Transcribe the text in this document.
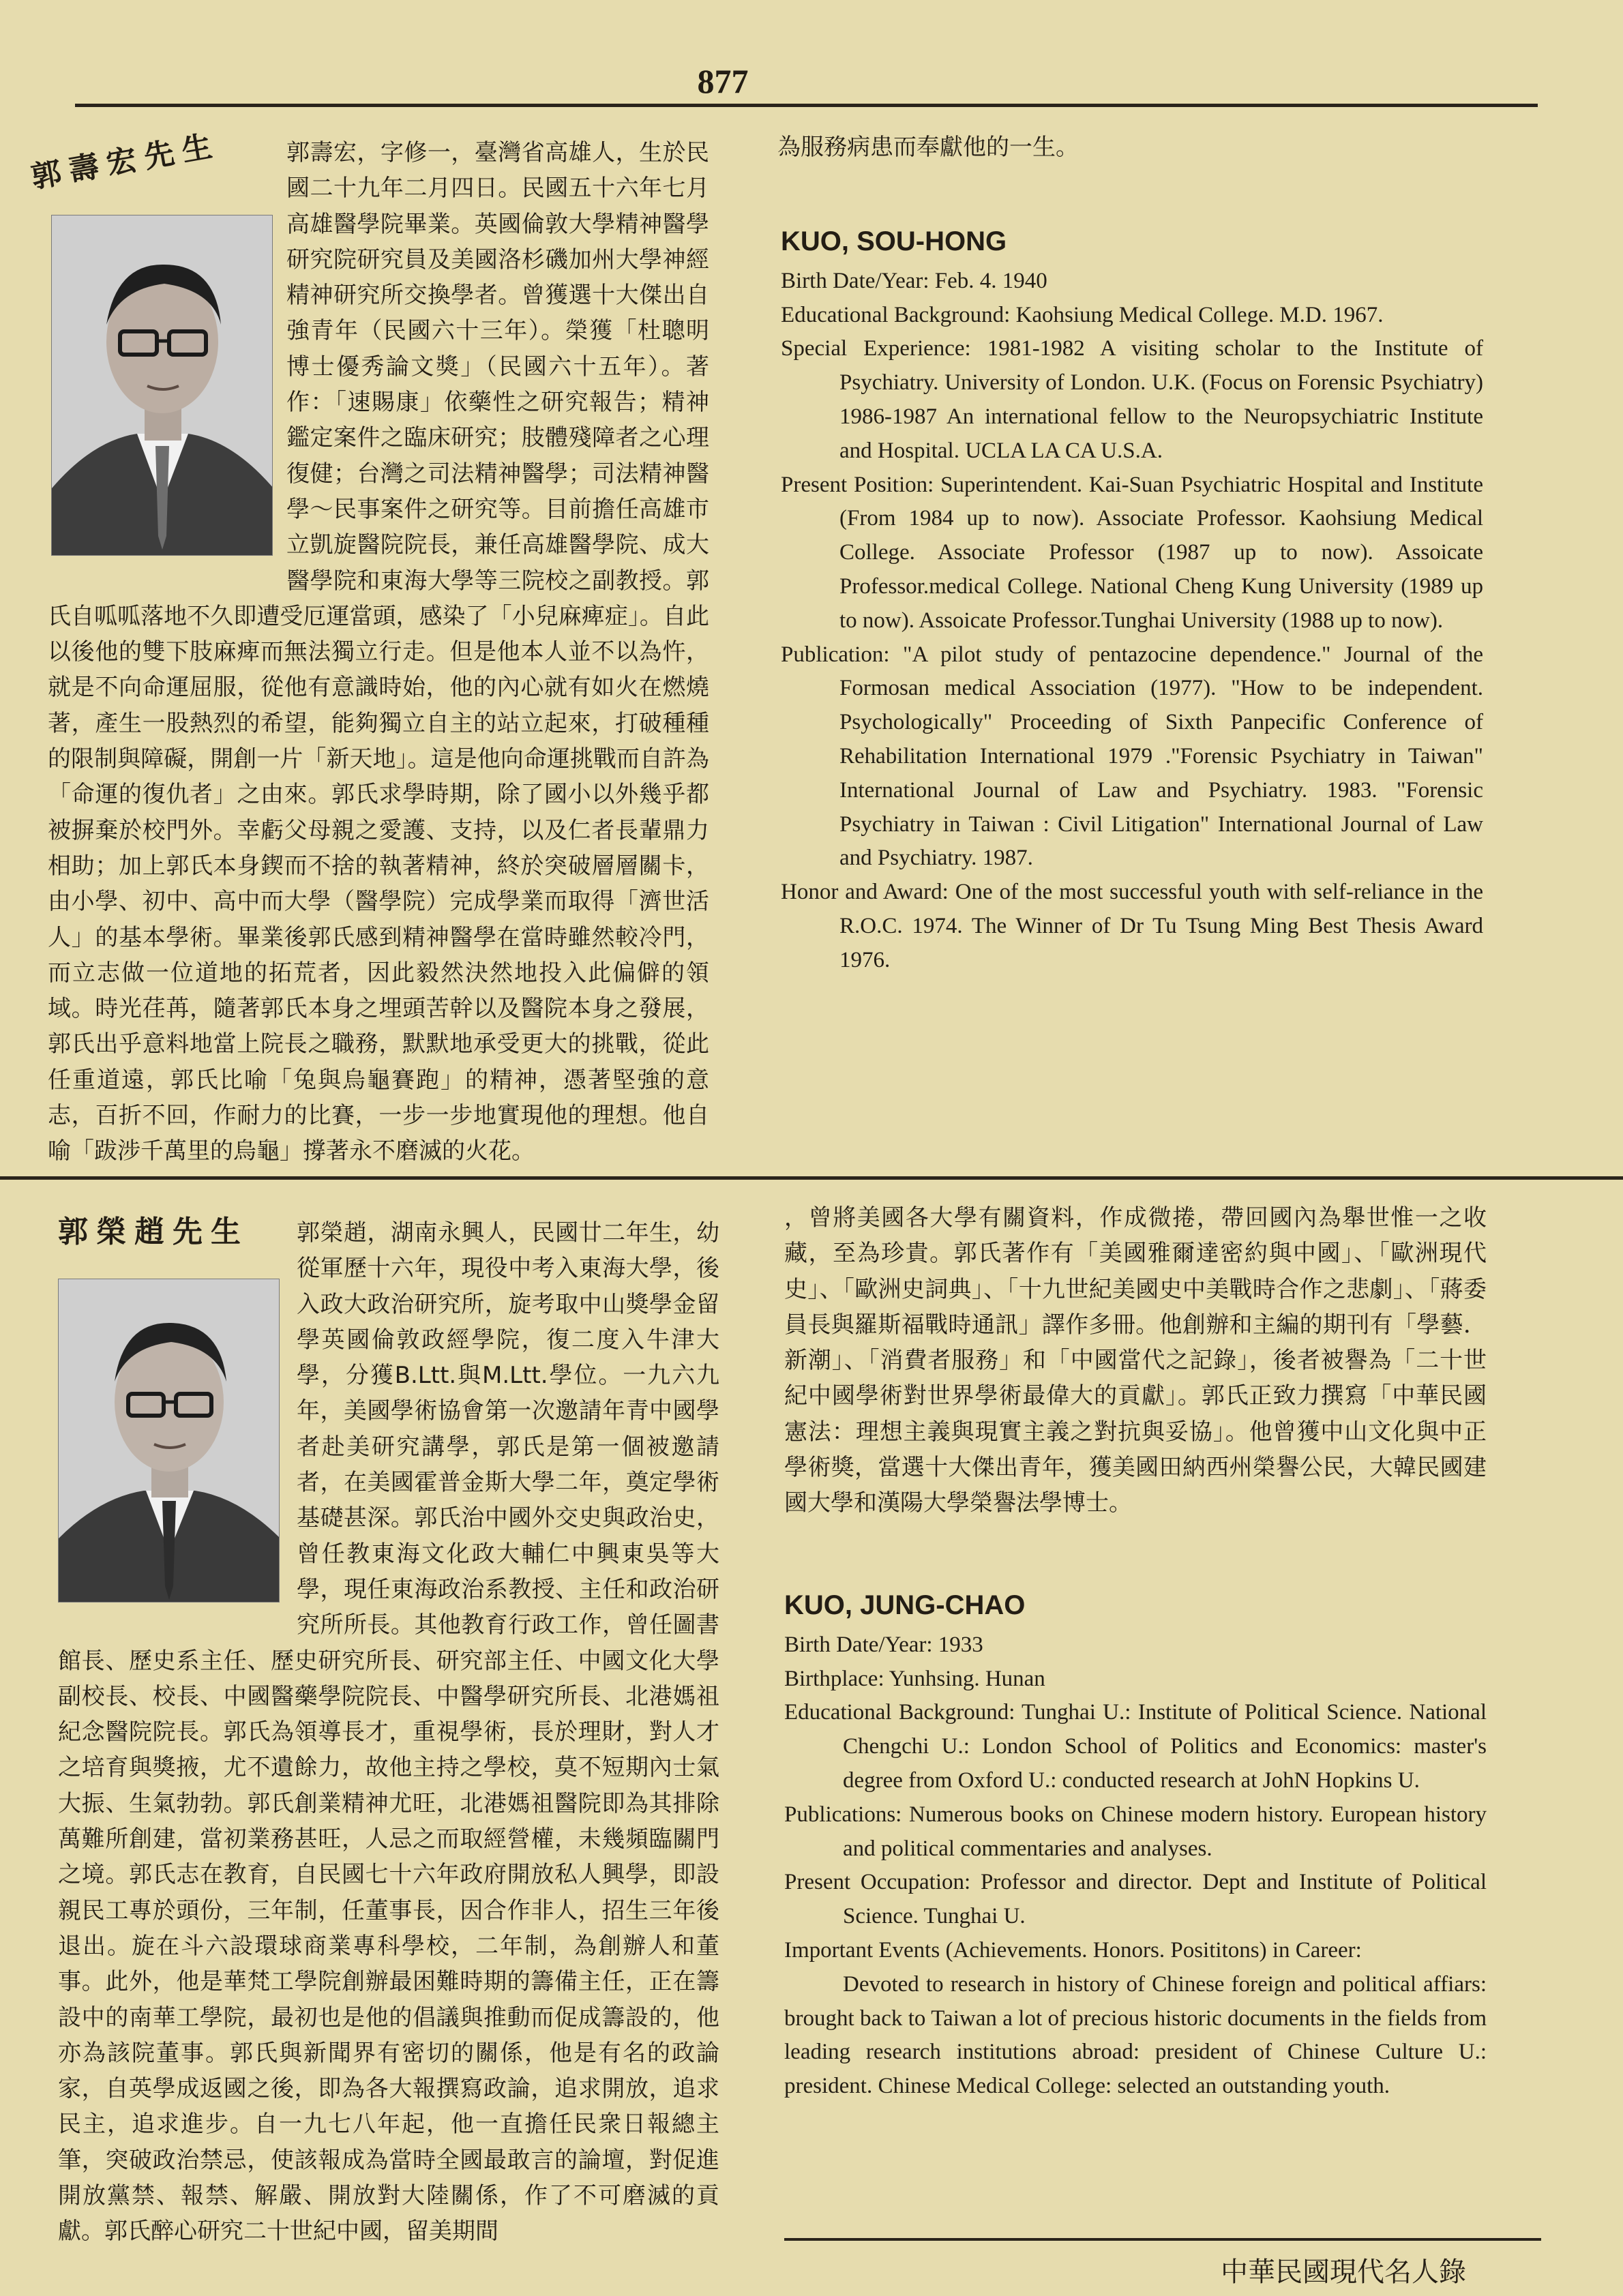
877
中華民國現代名人錄
郭壽宏先生	郭壽宏，字修一，臺灣省高雄人，生於民國二十九年二月四日。民國五十六年七月高雄醫學院畢業。英國倫敦大學精神醫學研究院研究員及美國洛杉磯加州大學神經精神研究所交換學者。曾獲選十大傑出自強青年（民國六十三年）。榮獲「杜聰明博士優秀論文獎」（民國六十五年）。著作：「速賜康」依藥性之研究報告；精神鑑定案件之臨床研究；肢體殘障者之心理復健；台灣之司法精神醫學；司法精神醫學～民事案件之研究等。目前擔任高雄市立凱旋醫院院長，兼任高雄醫學院、成大醫學院和東海大學等三院校之副教授。郭氏自呱呱落地不久即遭受厄運當頭，感染了「小兒麻痺症」。自此以後他的雙下肢麻痺而無法獨立行走。但是他本人並不以為忤，就是不向命運屈服，從他有意識時始，他的內心就有如火在燃燒著，產生一股熱烈的希望，能夠獨立自主的站立起來，打破種種的限制與障礙，開創一片「新天地」。這是他向命運挑戰而自許為「命運的復仇者」之由來。郭氏求學時期，除了國小以外幾乎都被摒棄於校門外。幸虧父母親之愛護、支持，以及仁者長輩鼎力相助；加上郭氏本身鍥而不捨的執著精神，終於突破層層關卡，由小學、初中、高中而大學（醫學院）完成學業而取得「濟世活人」的基本學術。畢業後郭氏感到精神醫學在當時雖然較冷門，而立志做一位道地的拓荒者，因此毅然決然地投入此偏僻的領域。時光荏苒，隨著郭氏本身之埋頭苦幹以及醫院本身之發展，郭氏出乎意料地當上院長之職務，默默地承受更大的挑戰，從此任重道遠，郭氏比喻「兔與烏龜賽跑」的精神，憑著堅強的意志，百折不回，作耐力的比賽，一步一步地實現他的理想。他自喻「跋涉千萬里的烏龜」撐著永不磨滅的火花。
為服務病患而奉獻他的一生。

KUO, SOU-HONG

Birth Date/Year: Feb. 4. 1940

Educational Background: Kaohsiung Medical College. M.D. 1967.

Special Experience: 1981-1982 A visiting scholar to the Institute of Psychiatry. University of London. U.K. (Focus on Forensic Psychiatry) 1986-1987 An international fellow to the Neuropsychiatric Institute and Hospital. UCLA LA CA U.S.A.

Present Position: Superintendent. Kai-Suan Psychiatric Hospital and Institute (From 1984 up to now). Associate Professor. Kaohsiung Medical College. Associate Professor (1987 up to now). Assoicate Professor.medical College. National Cheng Kung University (1989 up to now). Assoicate Professor.Tunghai University (1988 up to now).

Publication: "A pilot study of pentazocine dependence." Journal of the Formosan medical Association (1977). "How to be independent. Psychologically" Proceeding of Sixth Panpecific Conference of Rehabilitation International 1979 ."Forensic Psychiatry in Taiwan" International Journal of Law and Psychiatry. 1983. "Forensic Psychiatry in Taiwan : Civil Litigation" International Journal of Law and Psychiatry. 1987.

Honor and Award: One of the most successful youth with self-reliance in the R.O.C. 1974. The Winner of Dr Tu Tsung Ming Best Thesis Award 1976.

郭榮趙先生	郭榮趙，湖南永興人，民國廿二年生，幼從軍歷十六年，現役中考入東海大學，後入政大政治研究所，旋考取中山獎學金留學英國倫敦政經學院，復二度入牛津大學，分獲B.Ltt.與M.Ltt.學位。一九六九年，美國學術協會第一次邀請年青中國學者赴美研究講學，郭氏是第一個被邀請者，在美國霍普金斯大學二年，奠定學術基礎甚深。郭氏治中國外交史與政治史，曾任教東海文化政大輔仁中興東吳等大學，現任東海政治系教授、主任和政治研究所所長。其他教育行政工作，曾任圖書館長、歷史系主任、歷史研究所長、研究部主任、中國文化大學副校長、校長、中國醫藥學院院長、中醫學研究所長、北港媽祖紀念醫院院長。郭氏為領導長才，重視學術，長於理財，對人才之培育與獎掖，尤不遺餘力，故他主持之學校，莫不短期內士氣大振、生氣勃勃。郭氏創業精神尤旺，北港媽祖醫院即為其排除萬難所創建，當初業務甚旺，人忌之而取經營權，未幾頻臨關門之境。郭氏志在教育，自民國七十六年政府開放私人興學，即設親民工專於頭份，三年制，任董事長，因合作非人，招生三年後退出。旋在斗六設環球商業專科學校，二年制，為創辦人和董事。此外，他是華梵工學院創辦最困難時期的籌備主任，正在籌設中的南華工學院，最初也是他的倡議與推動而促成籌設的，他亦為該院董事。郭氏與新聞界有密切的關係，他是有名的政論家，自英學成返國之後，即為各大報撰寫政論，追求開放，追求民主，追求進步。自一九七八年起，他一直擔任民衆日報總主筆，突破政治禁忌，使該報成為當時全國最敢言的論壇，對促進開放黨禁、報禁、解嚴、開放對大陸關係，作了不可磨滅的貢獻。郭氏醉心研究二十世紀中國，留美期間
，曾將美國各大學有關資料，作成微捲，帶回國內為舉世惟一之收藏，至為珍貴。郭氏著作有「美國雅爾達密約與中國」、「歐洲現代史」、「歐洲史詞典」、「十九世紀美國史中美戰時合作之悲劇」、「蔣委員長與羅斯福戰時通訊」譯作多冊。他創辦和主編的期刊有「學藝．新潮」、「消費者服務」和「中國當代之記錄」，後者被譽為「二十世紀中國學術對世界學術最偉大的貢獻」。郭氏正致力撰寫「中華民國憲法：理想主義與現實主義之對抗與妥協」。他曾獲中山文化與中正學術獎，當選十大傑出青年，獲美國田納西州榮譽公民，大韓民國建國大學和漢陽大學榮譽法學博士。

KUO, JUNG-CHAO

Birth Date/Year: 1933

Birthplace: Yunhsing. Hunan

Educational Background: Tunghai U.: Institute of Political Science. National Chengchi U.: London School of Politics and Economics: master's degree from Oxford U.: conducted research at JohN Hopkins U.

Publications: Numerous books on Chinese modern history. European history and political commentaries and analyses.

Present Occupation: Professor and director. Dept and Institute of Political Science. Tunghai U.

Important Events (Achievements. Honors. Posititons) in Career:

Devoted to research in history of Chinese foreign and political affiars: brought back to Taiwan a lot of precious historic documents in the fields from leading research institutions abroad: president of Chinese Culture U.: president. Chinese Medical College: selected an outstanding youth.
